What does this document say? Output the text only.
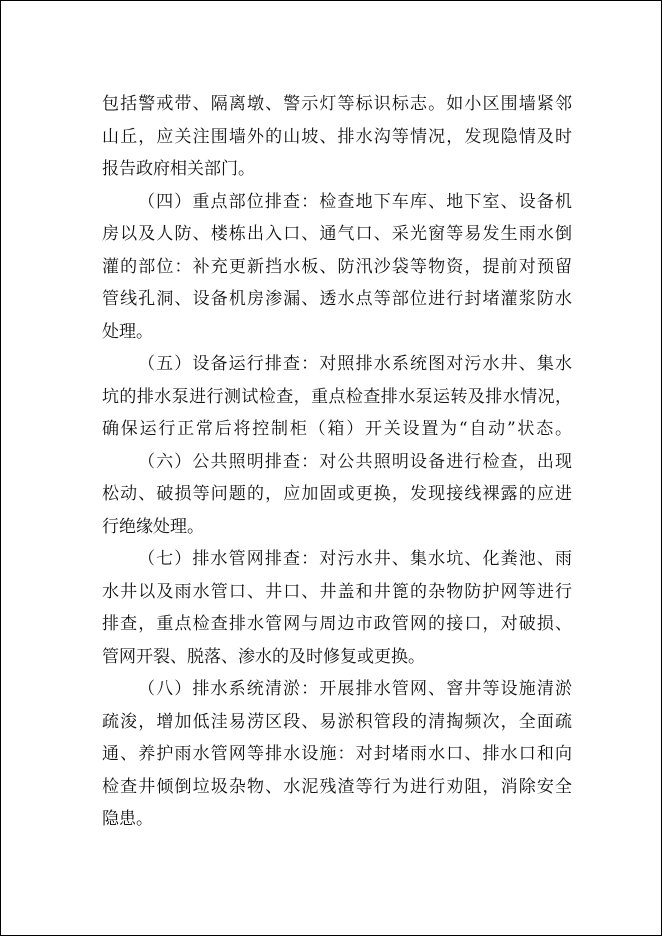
包括警戒带、隔离墩、警示灯等标识标志。如小区围墙紧邻
山丘，应关注围墙外的山坡、排水沟等情况，发现隐情及时
报告政府相关部门。
（四）重点部位排查：检查地下车库、地下室、设备机
房以及人防、楼栋出入口、通气口、采光窗等易发生雨水倒
灌的部位：补充更新挡水板、防汛沙袋等物资，提前对预留
管线孔洞、设备机房渗漏、透水点等部位进行封堵灌浆防水
处理。
（五）设备运行排查：对照排水系统图对污水井、集水
坑的排水泵进行测试检查，重点检查排水泵运转及排水情况，
确保运行正常后将控制柜（箱）开关设置为“自动”状态。
（六）公共照明排查：对公共照明设备进行检查，出现
松动、破损等问题的，应加固或更换，发现接线裸露的应进
行绝缘处理。
（七）排水管网排查：对污水井、集水坑、化粪池、雨
水井以及雨水管口、井口、井盖和井篦的杂物防护网等进行
排查，重点检查排水管网与周边市政管网的接口，对破损、
管网开裂、脱落、渗水的及时修复或更换。
（八）排水系统清淤：开展排水管网、窨井等设施清淤
疏浚，增加低洼易涝区段、易淤积管段的清掏频次，全面疏
通、养护雨水管网等排水设施：对封堵雨水口、排水口和向
检查井倾倒垃圾杂物、水泥残渣等行为进行劝阻，消除安全
隐患。
